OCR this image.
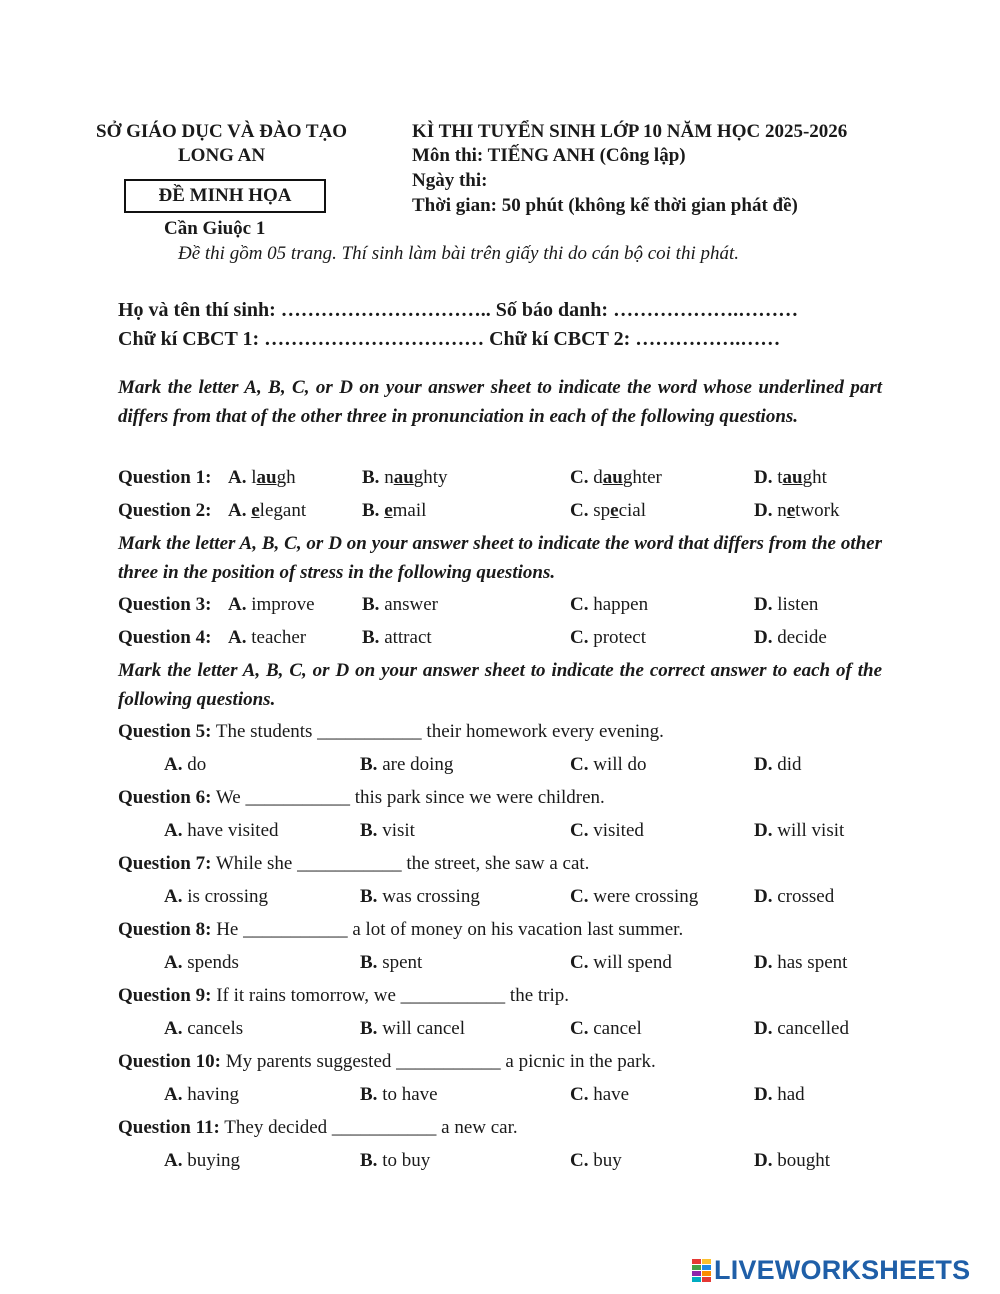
SỞ GIÁO DỤC VÀ ĐÀO TẠO
LONG AN
KÌ THI TUYỂN SINH LỚP 10 NĂM HỌC 2025-2026
Môn thi: TIẾNG ANH (Công lập)
Ngày thi:
Thời gian: 50 phút (không kể thời gian phát đề)
ĐỀ MINH HỌA
Cần Giuộc 1
Đề thi gồm 05 trang. Thí sinh làm bài trên giấy thi do cán bộ coi thi phát.
Họ và tên thí sinh: ………………………….. Số báo danh: ……………….………
Chữ kí CBCT 1: …………………………… Chữ kí CBCT 2: …………….……
Mark the letter A, B, C, or D on your answer sheet to indicate the word whose underlined part differs from that of the other three in pronunciation in each of the following questions.
Question 1: A. laugh	B. naughty	C. daughter	D. taught
Question 2: A. elegant	B. email	C. special	D. network
Mark the letter A, B, C, or D on your answer sheet to indicate the word that differs from the other three in the position of stress in the following questions.
Question 3: A. improve B. answer	C. happen	D. listen
Question 4: A. teacher	B. attract	C. protect	D. decide
Mark the letter A, B, C, or D on your answer sheet to indicate the correct answer to each of the following questions.
Question 5: The students ___________ their homework every evening.
A. do	B. are doing	C. will do	D. did
Question 6: We ___________ this park since we were children.
A. have visited	B. visit	C. visited	D. will visit
Question 7: While she ___________ the street, she saw a cat.
A. is crossing	B. was crossing	C. were crossing	D. crossed
Question 8: He ___________ a lot of money on his vacation last summer.
A. spends	B. spent	C. will spend	D. has spent
Question 9: If it rains tomorrow, we ___________ the trip.
A. cancels	B. will cancel	C. cancel	D. cancelled
Question 10: My parents suggested ___________ a picnic in the park.
A. having	B. to have	C. have	D. had
Question 11: They decided ___________ a new car.
A. buying	B. to buy	C. buy	D. bought
LIVEWORKSHEETS
